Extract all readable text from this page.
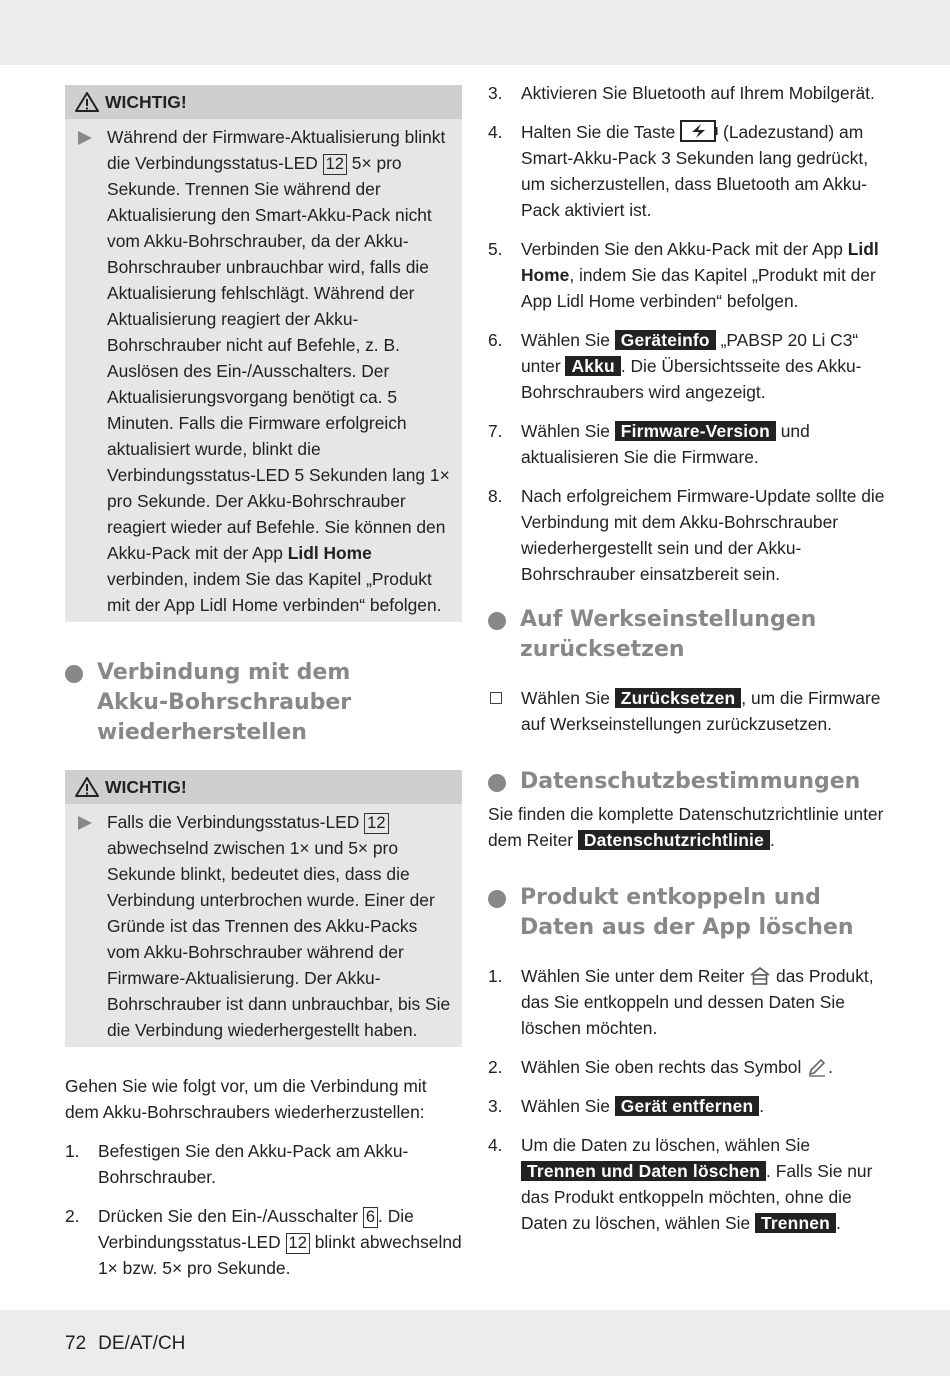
WICHTIG!
Während der Firmware-Aktualisierung blinkt die Verbindungsstatus-LED 12 5× pro Sekunde. Trennen Sie während der Aktualisierung den Smart-Akku-Pack nicht vom Akku-Bohrschrauber, da der Akku-Bohrschrauber unbrauchbar wird, falls die Aktualisierung fehlschlägt. Während der Aktualisierung reagiert der Akku-Bohrschrauber nicht auf Befehle, z. B. Auslösen des Ein-/Ausschalters. Der Aktualisierungsvorgang benötigt ca. 5 Minuten. Falls die Firmware erfolgreich aktualisiert wurde, blinkt die Verbindungsstatus-LED 5 Sekunden lang 1× pro Sekunde. Der Akku-Bohrschrauber reagiert wieder auf Befehle. Sie können den Akku-Pack mit der App Lidl Home verbinden, indem Sie das Kapitel „Produkt mit der App Lidl Home verbinden“ befolgen.
Verbindung mit dem
Akku-Bohrschrauber
wiederherstellen
WICHTIG!
Falls die Verbindungsstatus-LED 12 abwechselnd zwischen 1× und 5× pro Sekunde blinkt, bedeutet dies, dass die Verbindung unterbrochen wurde. Einer der Gründe ist das Trennen des Akku-Packs vom Akku-Bohrschrauber während der Firmware-Aktualisierung. Der Akku-Bohrschrauber ist dann unbrauchbar, bis Sie die Verbindung wiederhergestellt haben.

Gehen Sie wie folgt vor, um die Verbindung mit dem Akku-Bohrschraubers wiederherzustellen:

1.	Befestigen Sie den Akku-Pack am Akku-Bohrschrauber.
2.	Drücken Sie den Ein-/Ausschalter 6 . Die Verbindungsstatus-LED 12 blinkt abwechselnd 1× bzw. 5× pro Sekunde.
3.	Aktivieren Sie Bluetooth auf Ihrem Mobilgerät.
4.	Halten Sie die Taste  (Ladezustand) am Smart-Akku-Pack 3 Sekunden lang gedrückt, um sicherzustellen, dass Bluetooth am Akku-Pack aktiviert ist.
5.	Verbinden Sie den Akku-Pack mit der App Lidl Home, indem Sie das Kapitel „Produkt mit der App Lidl Home verbinden“ befolgen.
6.	Wählen Sie Geräteinfo „PABSP 20 Li C3“ unter Akku . Die Übersichtsseite des Akku-Bohrschraubers wird angezeigt.
7.	Wählen Sie Firmware-Version und aktualisieren Sie die Firmware.
8.	Nach erfolgreichem Firmware-Update sollte die Verbindung mit dem Akku-Bohrschrauber wiederhergestellt sein und der Akku-Bohrschrauber einsatzbereit sein.
Auf Werkseinstellungen
zurücksetzen
Wählen Sie Zurücksetzen , um die Firmware auf Werkseinstellungen zurückzusetzen.
Datenschutzbestimmungen

Sie finden die komplette Datenschutzrichtlinie unter dem Reiter Datenschutzrichtlinie .

Produkt entkoppeln und
Daten aus der App löschen
1.	Wählen Sie unter dem Reiter  das Produkt, das Sie entkoppeln und dessen Daten Sie löschen möchten.
2.	Wählen Sie oben rechts das Symbol .
3.	Wählen Sie Gerät entfernen .
4.	Um die Daten zu löschen, wählen Sie Trennen und Daten löschen . Falls Sie nur das Produkt entkoppeln möchten, ohne die Daten zu löschen, wählen Sie Trennen .
72 DE/AT/CH
